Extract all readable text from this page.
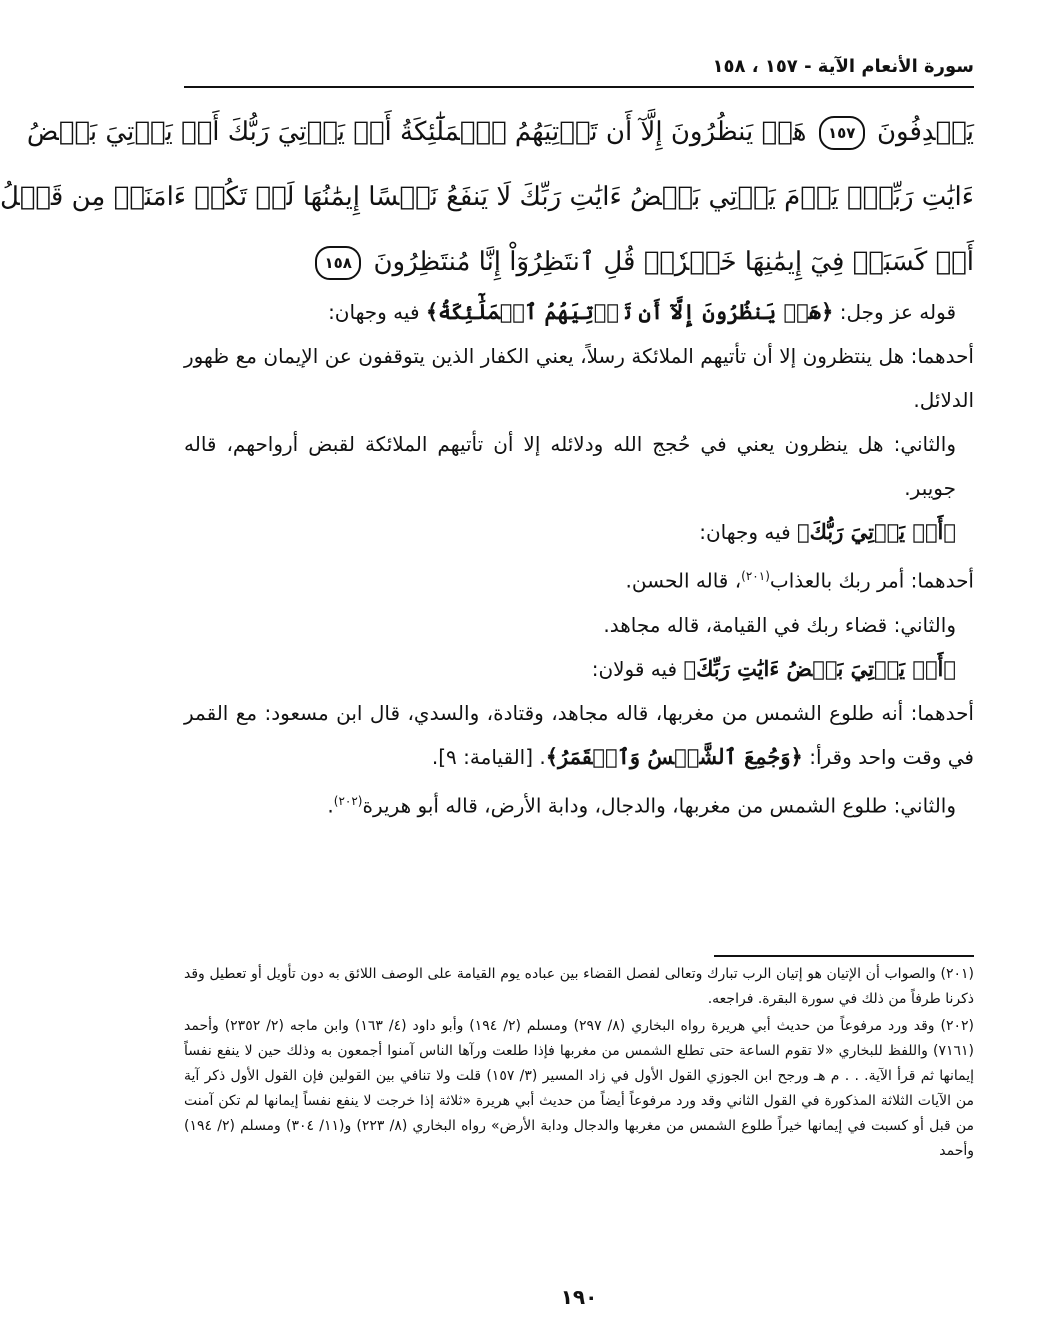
سورة الأنعام الآية - ١٥٧ ، ١٥٨
يَصۡدِفُونَ ١٥٧ هَلۡ يَنظُرُونَ إِلَّآ أَن تَأۡتِيَهُمُ ٱلۡمَلَٰٓئِكَةُ أَوۡ يَأۡتِيَ رَبُّكَ أَوۡ يَأۡتِيَ بَعۡضُ
ءَايَٰتِ رَبِّكَۗ يَوۡمَ يَأۡتِي بَعۡضُ ءَايَٰتِ رَبِّكَ لَا يَنفَعُ نَفۡسًا إِيمَٰنُهَا لَمۡ تَكُنۡ ءَامَنَتۡ مِن قَبۡلُ
أَوۡ كَسَبَتۡ فِيٓ إِيمَٰنِهَا خَيۡرٗاۗ قُلِ ٱنتَظِرُوٓاْ إِنَّا مُنتَظِرُونَ ١٥٨

قوله عز وجل: ﴿هَلۡ يَنظُرُونَ إِلَّآ أَن تَأۡتِيَهُمُ ٱلۡمَلَٰٓئِكَةُ﴾ فيه وجهان:

أحدهما: هل ينتظرون إلا أن تأتيهم الملائكة رسلاً، يعني الكفار الذين يتوقفون عن الإيمان مع ظهور الدلائل.

والثاني: هل ينظرون يعني في حُجج الله ودلائله إلا أن تأتيهم الملائكة لقبض أرواحهم، قاله جويبر.

﴿أَوۡ يَأۡتِيَ رَبُّكَ﴾ فيه وجهان:

أحدهما: أمر ربك بالعذاب$^{(٢٠١)}$، قاله الحسن.

والثاني: قضاء ربك في القيامة، قاله مجاهد.

﴿أَوۡ يَأۡتِيَ بَعۡضُ ءَايَٰتِ رَبِّكَ﴾ فيه قولان:

أحدهما: أنه طلوع الشمس من مغربها، قاله مجاهد، وقتادة، والسدي، قال ابن مسعود: مع القمر في وقت واحد وقرأ: ﴿وَجُمِعَ ٱلشَّمۡسُ وَٱلۡقَمَرُ﴾. [القيامة: ٩].

والثاني: طلوع الشمس من مغربها، والدجال، ودابة الأرض، قاله أبو هريرة$^{(٢٠٢)}$.

(٢٠١) والصواب أن الإتيان هو إتيان الرب تبارك وتعالى لفصل القضاء بين عباده يوم القيامة على الوصف اللائق به دون تأويل أو تعطيل وقد ذكرنا طرفاً من ذلك في سورة البقرة. فراجعه.

(٢٠٢) وقد ورد مرفوعاً من حديث أبي هريرة رواه البخاري (٨/ ٢٩٧) ومسلم (٢/ ١٩٤) وأبو داود (٤/ ١٦٣) وابن ماجه (٢/ ٢٣٥٢) وأحمد (٧١٦١) واللفظ للبخاري «لا تقوم الساعة حتى تطلع الشمس من مغربها فإذا طلعت ورآها الناس آمنوا أجمعون به وذلك حين لا ينفع نفساً إيمانها ثم قرأ الآية. . . م هـ ورجح ابن الجوزي القول الأول في زاد المسير (٣/ ١٥٧) قلت ولا تنافي بين القولين فإن القول الأول ذكر آية من الآيات الثلاثة المذكورة في القول الثاني وقد ورد مرفوعاً أيضاً من حديث أبي هريرة «ثلاثة إذا خرجت لا ينفع نفساً إيمانها لم تكن آمنت من قبل أو كسبت في إيمانها خيراً طلوع الشمس من مغربها والدجال ودابة الأرض» رواه البخاري (٨/ ٢٢٣) و(١١/ ٣٠٤) ومسلم (٢/ ١٩٤) وأحمد

١٩٠
